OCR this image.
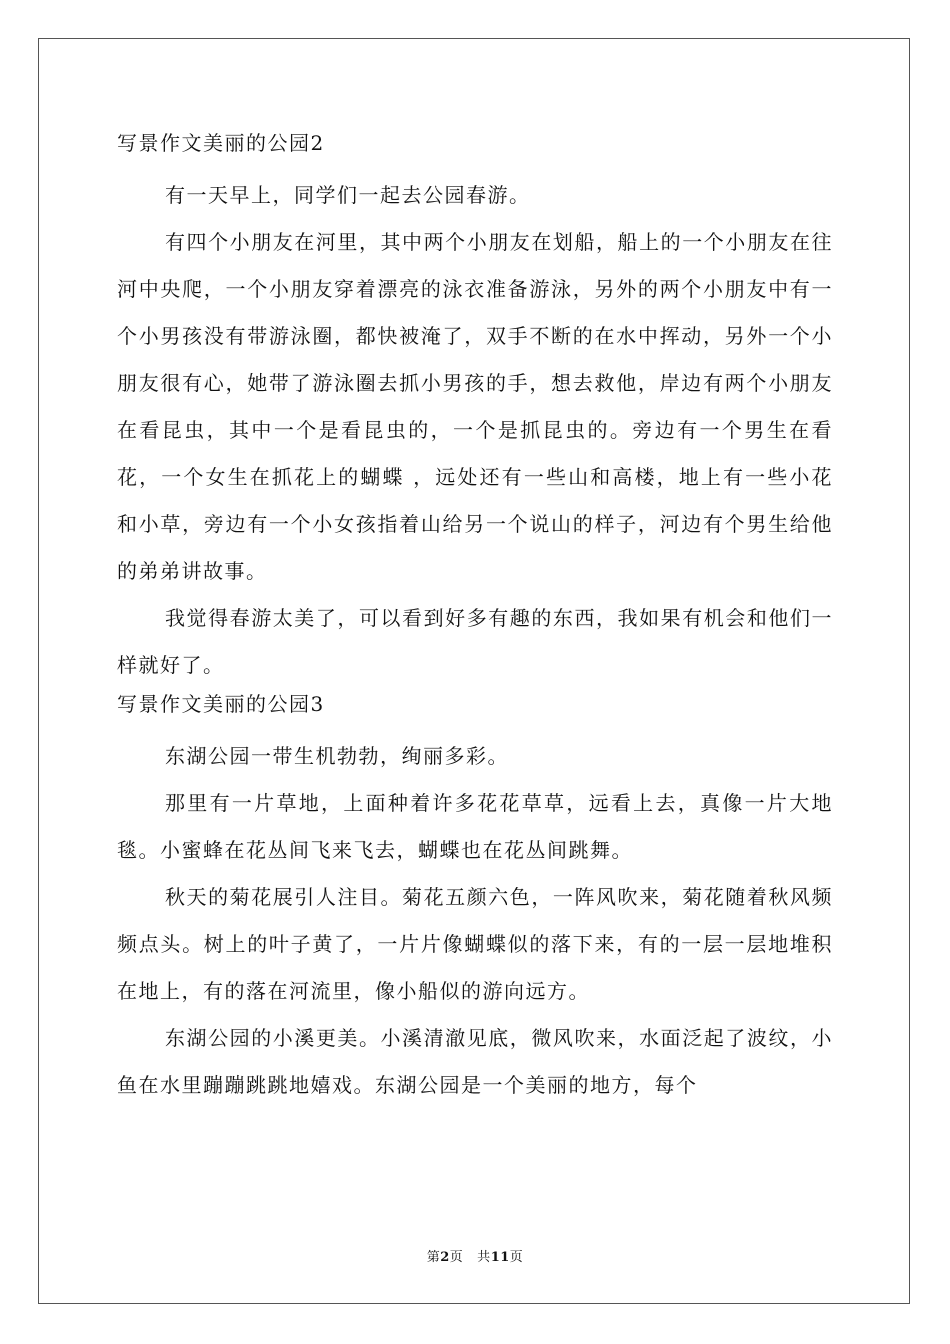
写景作文美丽的公园2

有一天早上，同学们一起去公园春游。

有四个小朋友在河里，其中两个小朋友在划船，船上的一个小朋友在往河中央爬，一个小朋友穿着漂亮的泳衣准备游泳，另外的两个小朋友中有一个小男孩没有带游泳圈，都快被淹了，双手不断的在水中挥动，另外一个小朋友很有心，她带了游泳圈去抓小男孩的手，想去救他，岸边有两个小朋友在看昆虫，其中一个是看昆虫的，一个是抓昆虫的。旁边有一个男生在看花，一个女生在抓花上的蝴蝶 ，远处还有一些山和高楼，地上有一些小花和小草，旁边有一个小女孩指着山给另一个说山的样子，河边有个男生给他的弟弟讲故事。

我觉得春游太美了，可以看到好多有趣的东西，我如果有机会和他们一样就好了。

写景作文美丽的公园3

东湖公园一带生机勃勃，绚丽多彩。

那里有一片草地，上面种着许多花花草草，远看上去，真像一片大地毯。小蜜蜂在花丛间飞来飞去，蝴蝶也在花丛间跳舞。

秋天的菊花展引人注目。菊花五颜六色，一阵风吹来，菊花随着秋风频频点头。树上的叶子黄了，一片片像蝴蝶似的落下来，有的一层一层地堆积在地上，有的落在河流里，像小船似的游向远方。

东湖公园的小溪更美。小溪清澈见底，微风吹来，水面泛起了波纹，小鱼在水里蹦蹦跳跳地嬉戏。东湖公园是一个美丽的地方，每个

第2页 共11页
